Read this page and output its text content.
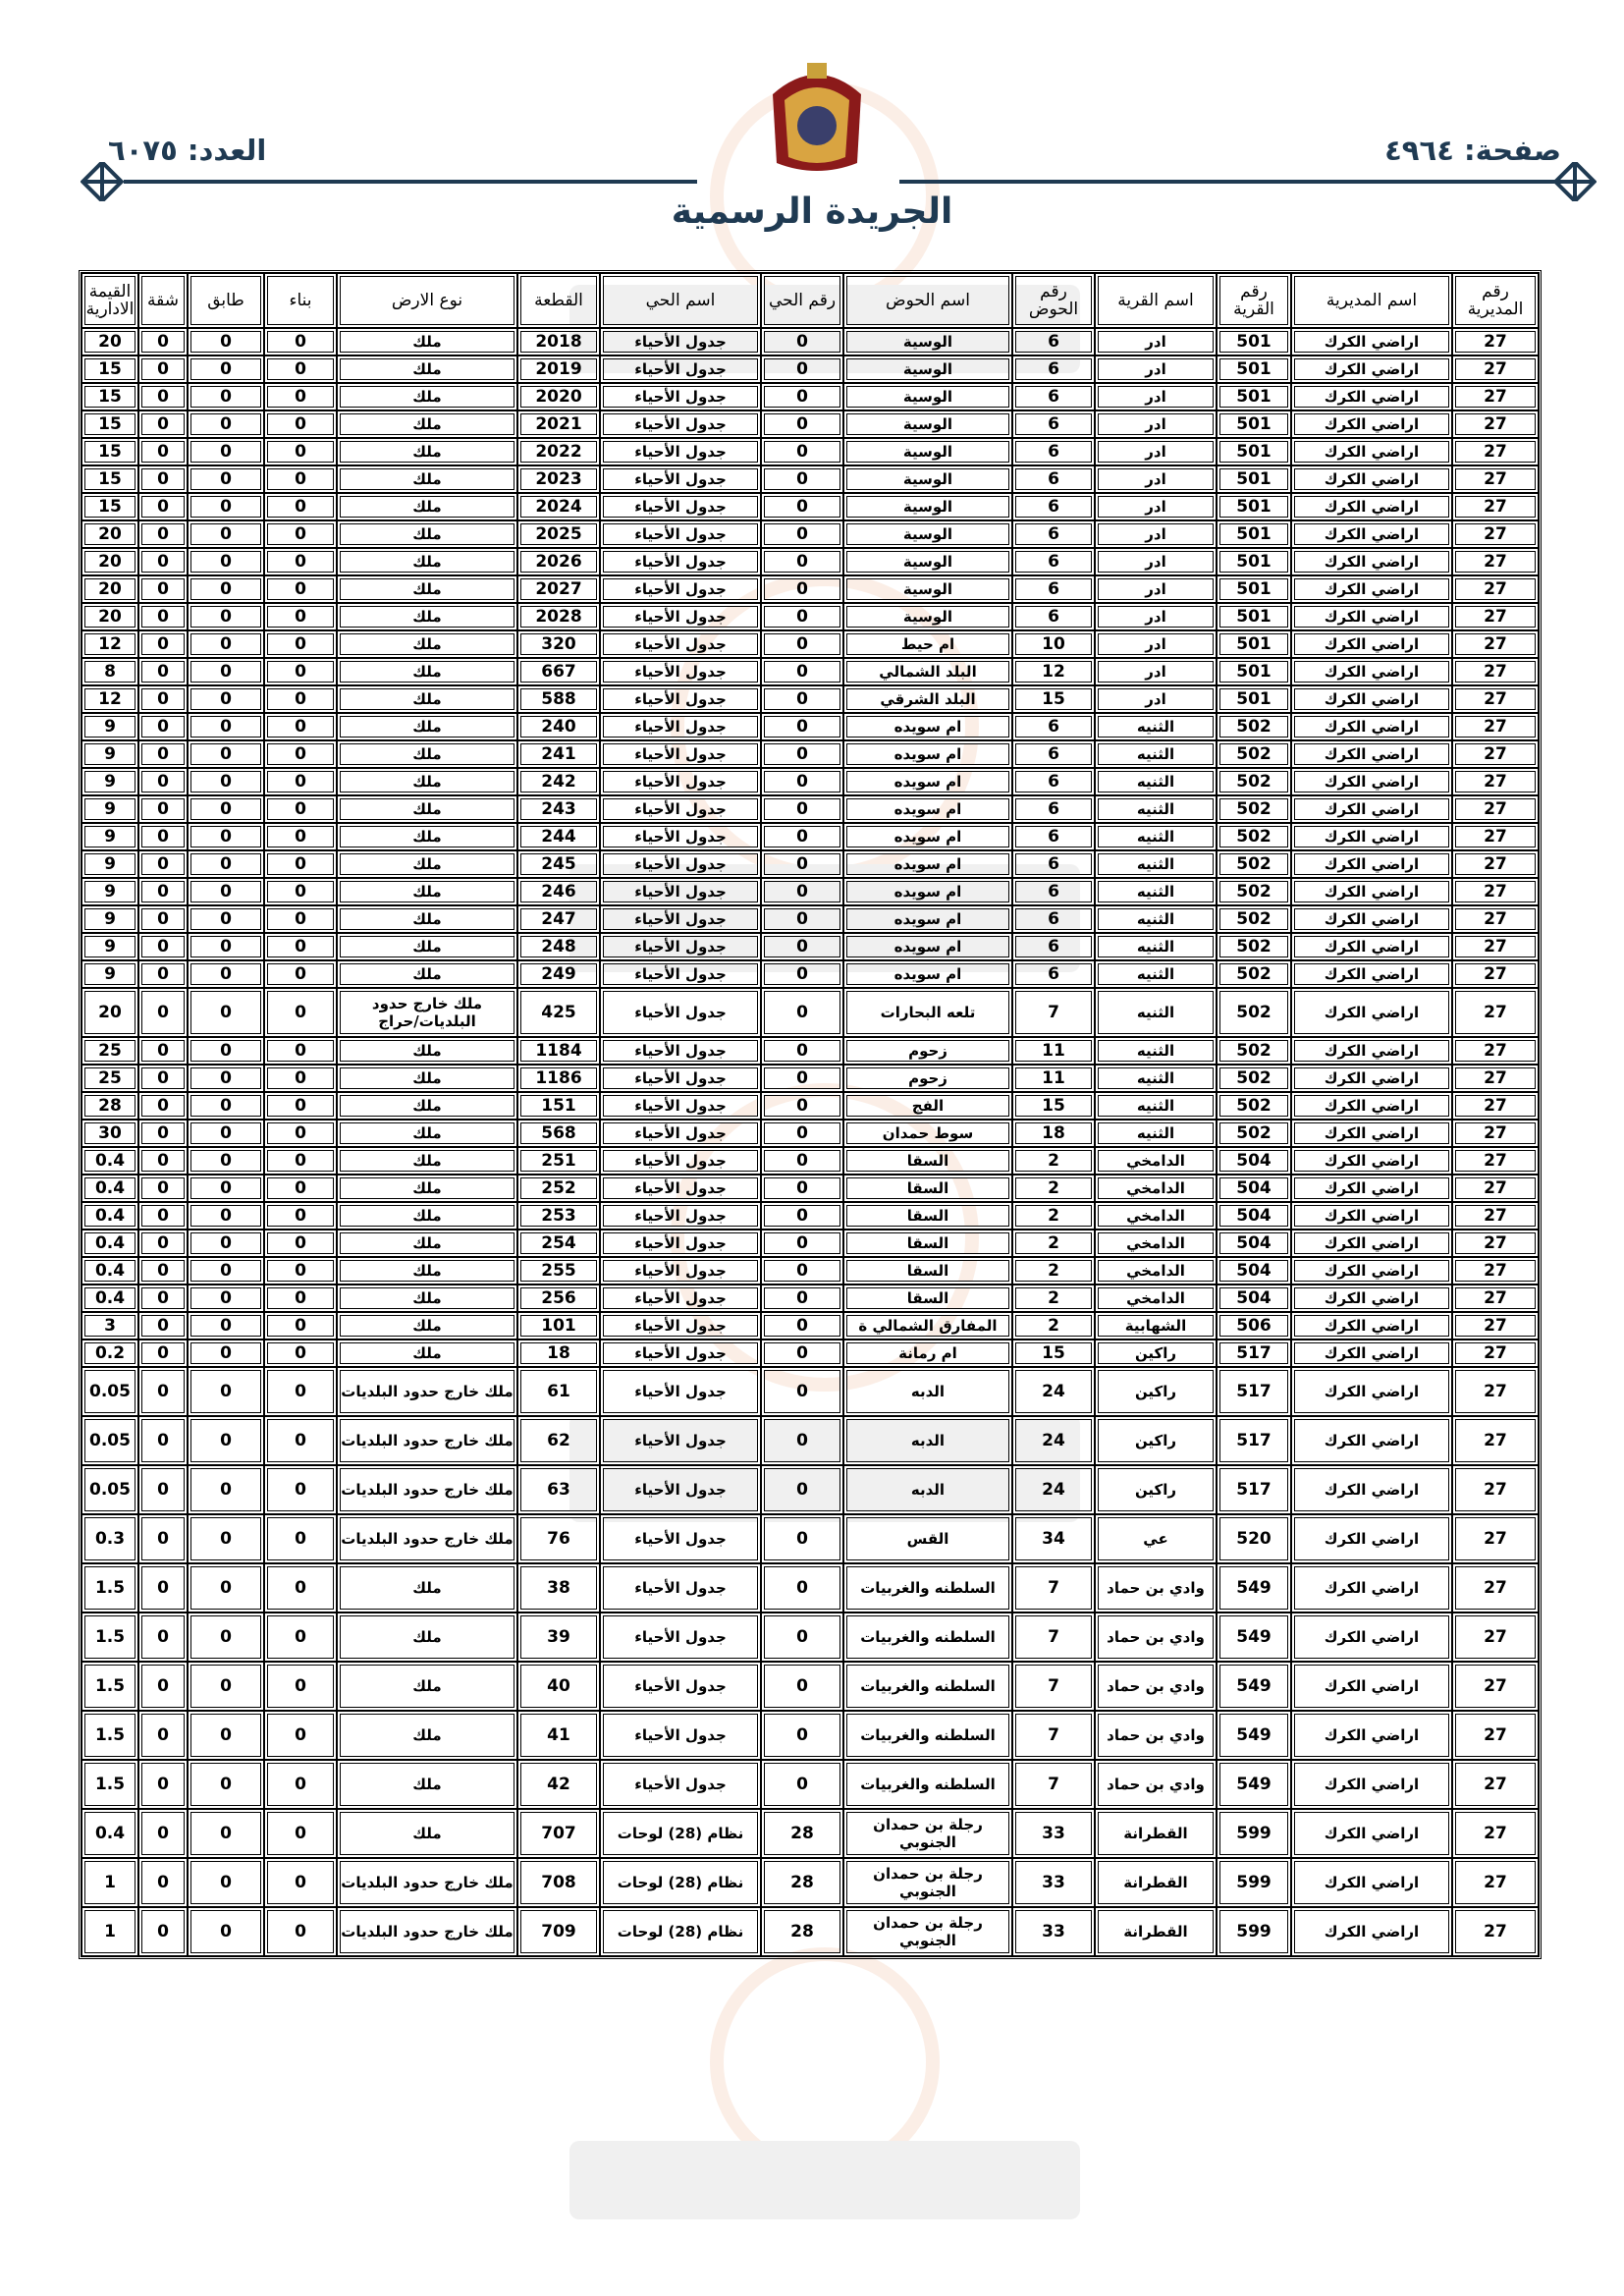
صفحة: ٤٩٦٤
العدد: ٦٠٧٥
الجريدة الرسمية
رقم المديرية	اسم المديرية	رقم القرية	اسم القرية	رقم الحوض	اسم الحوض	رقم الحي	اسم الحي	القطعة	نوع الارض	بناء	طابق	شقة	القيمة الادارية
27	اراضي الكرك	501	ادر	6	الوسية	0	جدول الأحياء	2018	ملك	0	0	0	20
27	اراضي الكرك	501	ادر	6	الوسية	0	جدول الأحياء	2019	ملك	0	0	0	15
27	اراضي الكرك	501	ادر	6	الوسية	0	جدول الأحياء	2020	ملك	0	0	0	15
27	اراضي الكرك	501	ادر	6	الوسية	0	جدول الأحياء	2021	ملك	0	0	0	15
27	اراضي الكرك	501	ادر	6	الوسية	0	جدول الأحياء	2022	ملك	0	0	0	15
27	اراضي الكرك	501	ادر	6	الوسية	0	جدول الأحياء	2023	ملك	0	0	0	15
27	اراضي الكرك	501	ادر	6	الوسية	0	جدول الأحياء	2024	ملك	0	0	0	15
27	اراضي الكرك	501	ادر	6	الوسية	0	جدول الأحياء	2025	ملك	0	0	0	20
27	اراضي الكرك	501	ادر	6	الوسية	0	جدول الأحياء	2026	ملك	0	0	0	20
27	اراضي الكرك	501	ادر	6	الوسية	0	جدول الأحياء	2027	ملك	0	0	0	20
27	اراضي الكرك	501	ادر	6	الوسية	0	جدول الأحياء	2028	ملك	0	0	0	20
27	اراضي الكرك	501	ادر	10	ام حيط	0	جدول الأحياء	320	ملك	0	0	0	12
27	اراضي الكرك	501	ادر	12	البلد الشمالي	0	جدول الأحياء	667	ملك	0	0	0	8
27	اراضي الكرك	501	ادر	15	البلد الشرقي	0	جدول الأحياء	588	ملك	0	0	0	12
27	اراضي الكرك	502	الثنيه	6	ام سويده	0	جدول الأحياء	240	ملك	0	0	0	9
27	اراضي الكرك	502	الثنيه	6	ام سويده	0	جدول الأحياء	241	ملك	0	0	0	9
27	اراضي الكرك	502	الثنيه	6	ام سويده	0	جدول الأحياء	242	ملك	0	0	0	9
27	اراضي الكرك	502	الثنيه	6	ام سويده	0	جدول الأحياء	243	ملك	0	0	0	9
27	اراضي الكرك	502	الثنيه	6	ام سويده	0	جدول الأحياء	244	ملك	0	0	0	9
27	اراضي الكرك	502	الثنيه	6	ام سويده	0	جدول الأحياء	245	ملك	0	0	0	9
27	اراضي الكرك	502	الثنيه	6	ام سويده	0	جدول الأحياء	246	ملك	0	0	0	9
27	اراضي الكرك	502	الثنيه	6	ام سويده	0	جدول الأحياء	247	ملك	0	0	0	9
27	اراضي الكرك	502	الثنيه	6	ام سويده	0	جدول الأحياء	248	ملك	0	0	0	9
27	اراضي الكرك	502	الثنيه	6	ام سويده	0	جدول الأحياء	249	ملك	0	0	0	9
27	اراضي الكرك	502	الثنيه	7	تلعه البحارات	0	جدول الأحياء	425	ملك خارج حدود البلديات/حراج	0	0	0	20
27	اراضي الكرك	502	الثنيه	11	زحوم	0	جدول الأحياء	1184	ملك	0	0	0	25
27	اراضي الكرك	502	الثنيه	11	زحوم	0	جدول الأحياء	1186	ملك	0	0	0	25
27	اراضي الكرك	502	الثنيه	15	الفج	0	جدول الأحياء	151	ملك	0	0	0	28
27	اراضي الكرك	502	الثنيه	18	سوط حمدان	0	جدول الأحياء	568	ملك	0	0	0	30
27	اراضي الكرك	504	الدامخي	2	السقا	0	جدول الأحياء	251	ملك	0	0	0	0.4
27	اراضي الكرك	504	الدامخي	2	السقا	0	جدول الأحياء	252	ملك	0	0	0	0.4
27	اراضي الكرك	504	الدامخي	2	السقا	0	جدول الأحياء	253	ملك	0	0	0	0.4
27	اراضي الكرك	504	الدامخي	2	السقا	0	جدول الأحياء	254	ملك	0	0	0	0.4
27	اراضي الكرك	504	الدامخي	2	السقا	0	جدول الأحياء	255	ملك	0	0	0	0.4
27	اراضي الكرك	504	الدامخي	2	السقا	0	جدول الأحياء	256	ملك	0	0	0	0.4
27	اراضي الكرك	506	الشهابية	2	المفارق الشمالي ة	0	جدول الأحياء	101	ملك	0	0	0	3
27	اراضي الكرك	517	راكين	15	ام رمانة	0	جدول الأحياء	18	ملك	0	0	0	0.2
27	اراضي الكرك	517	راكين	24	الدبه	0	جدول الأحياء	61	ملك خارج حدود البلديات	0	0	0	0.05
27	اراضي الكرك	517	راكين	24	الدبه	0	جدول الأحياء	62	ملك خارج حدود البلديات	0	0	0	0.05
27	اراضي الكرك	517	راكين	24	الدبه	0	جدول الأحياء	63	ملك خارج حدود البلديات	0	0	0	0.05
27	اراضي الكرك	520	عي	34	القس	0	جدول الأحياء	76	ملك خارج حدود البلديات	0	0	0	0.3
27	اراضي الكرك	549	وادي بن حماد	7	السلطنه والغربيات	0	جدول الأحياء	38	ملك	0	0	0	1.5
27	اراضي الكرك	549	وادي بن حماد	7	السلطنه والغربيات	0	جدول الأحياء	39	ملك	0	0	0	1.5
27	اراضي الكرك	549	وادي بن حماد	7	السلطنه والغربيات	0	جدول الأحياء	40	ملك	0	0	0	1.5
27	اراضي الكرك	549	وادي بن حماد	7	السلطنه والغربيات	0	جدول الأحياء	41	ملك	0	0	0	1.5
27	اراضي الكرك	549	وادي بن حماد	7	السلطنه والغربيات	0	جدول الأحياء	42	ملك	0	0	0	1.5
27	اراضي الكرك	599	القطرانة	33	رجلة بن حمدان الجنوبي	28	نظام (28) لوحات	707	ملك	0	0	0	0.4
27	اراضي الكرك	599	القطرانة	33	رجلة بن حمدان الجنوبي	28	نظام (28) لوحات	708	ملك خارج حدود البلديات	0	0	0	1
27	اراضي الكرك	599	القطرانة	33	رجلة بن حمدان الجنوبي	28	نظام (28) لوحات	709	ملك خارج حدود البلديات	0	0	0	1
